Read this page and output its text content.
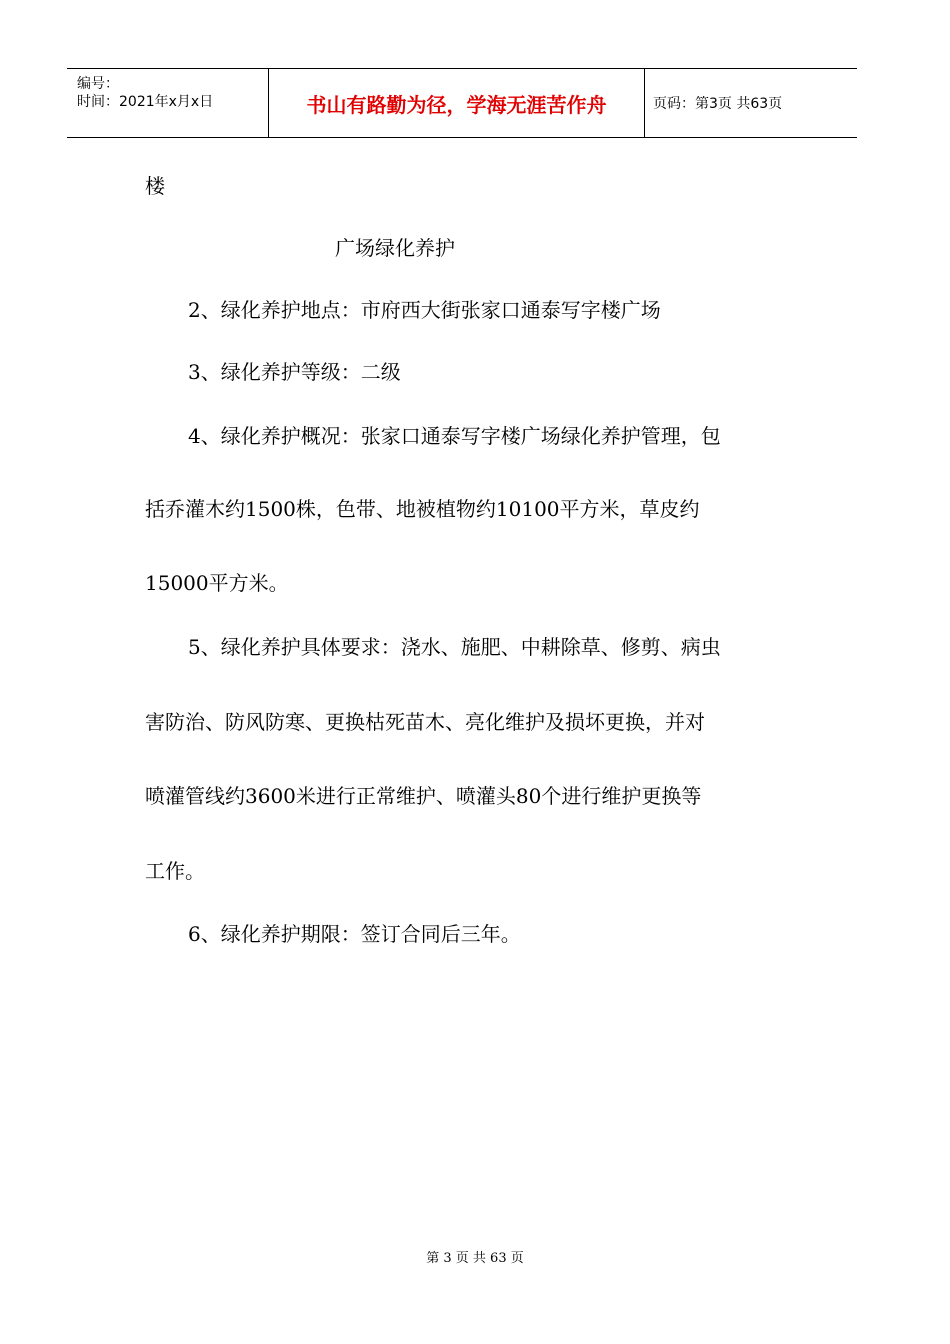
编号：
时间：2021年x月x日	书山有路勤为径，学海无涯苦作舟	页码：第3页 共63页
楼
广场绿化养护
2、绿化养护地点：市府西大街张家口通泰写字楼广场
3、绿化养护等级：二级
4、绿化养护概况：张家口通泰写字楼广场绿化养护管理，包
括乔灌木约1500株，色带、地被植物约10100平方米，草皮约
15000平方米。
5、绿化养护具体要求：浇水、施肥、中耕除草、修剪、病虫
害防治、防风防寒、更换枯死苗木、亮化维护及损坏更换，并对
喷灌管线约3600米进行正常维护、喷灌头80个进行维护更换等
工作。
6、绿化养护期限：签订合同后三年。
第 3 页 共 63 页
